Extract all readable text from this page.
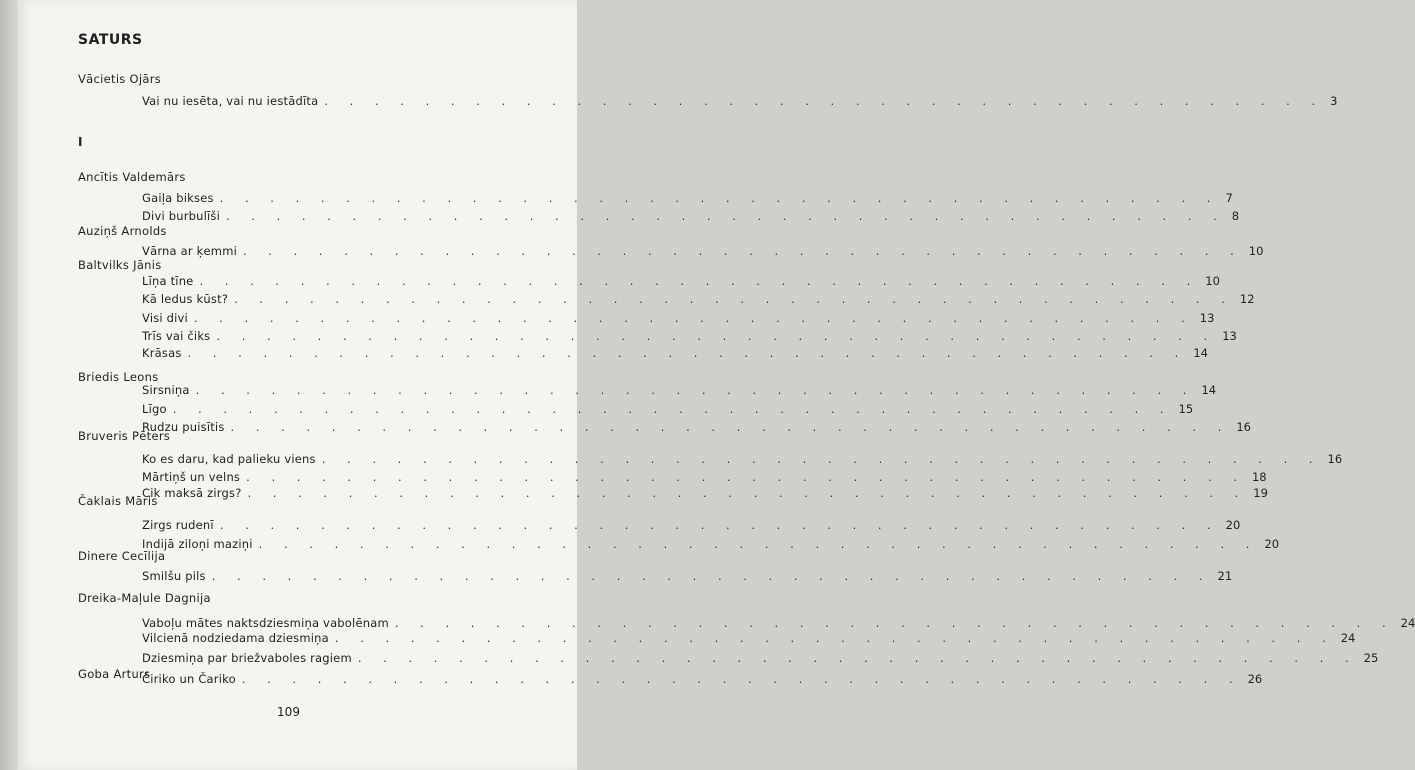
SATURS
Vācietis Ojārs
Vai nu iesēta, vai nu iestādīta . . . . . . . . . . . . . . . . . . . . . . . . . . . . . . . . . . . . . . . . 3
I
Ancītis Valdemārs
Gaiļa bikses . . . . . . . . . . . . . . . . . . . . . . . . . . . . . . . . . . . . . . . . 7
Divi burbulīši . . . . . . . . . . . . . . . . . . . . . . . . . . . . . . . . . . . . . . . . 8
Auziņš Arnolds
Vārna ar ķemmi . . . . . . . . . . . . . . . . . . . . . . . . . . . . . . . . . . . . . . . . 10
Baltvilks Jānis
Līņa tīne . . . . . . . . . . . . . . . . . . . . . . . . . . . . . . . . . . . . . . . . 10
Kā ledus kūst? . . . . . . . . . . . . . . . . . . . . . . . . . . . . . . . . . . . . . . . . 12
Visi divi . . . . . . . . . . . . . . . . . . . . . . . . . . . . . . . . . . . . . . . . 13
Trīs vai čiks . . . . . . . . . . . . . . . . . . . . . . . . . . . . . . . . . . . . . . . . 13
Krāsas . . . . . . . . . . . . . . . . . . . . . . . . . . . . . . . . . . . . . . . . 14
Briedis Leons
Sirsniņa . . . . . . . . . . . . . . . . . . . . . . . . . . . . . . . . . . . . . . . . 14
Līgo . . . . . . . . . . . . . . . . . . . . . . . . . . . . . . . . . . . . . . . . 15
Rudzu puisītis . . . . . . . . . . . . . . . . . . . . . . . . . . . . . . . . . . . . . . . . 16
Bruveris Pēters
Ko es daru, kad palieku viens . . . . . . . . . . . . . . . . . . . . . . . . . . . . . . . . . . . . . . . . 16
Mārtiņš un velns . . . . . . . . . . . . . . . . . . . . . . . . . . . . . . . . . . . . . . . . 18
Cik maksā zirgs? . . . . . . . . . . . . . . . . . . . . . . . . . . . . . . . . . . . . . . . . 19
Čaklais Māris
Zirgs rudenī . . . . . . . . . . . . . . . . . . . . . . . . . . . . . . . . . . . . . . . . 20
Indijā ziloņi maziņi . . . . . . . . . . . . . . . . . . . . . . . . . . . . . . . . . . . . . . . . 20
Dinere Cecīlija
Smilšu pils . . . . . . . . . . . . . . . . . . . . . . . . . . . . . . . . . . . . . . . . 21
Dreika-Maļule Dagnija
Vaboļu mātes naktsdziesmiņa vabolēnam . . . . . . . . . . . . . . . . . . . . . . . . . . . . . . . . . . . . . . . . 24
Vilcienā nodziedama dziesmiņa . . . . . . . . . . . . . . . . . . . . . . . . . . . . . . . . . . . . . . . . 24
Dziesmiņa par briežvaboles ragiem . . . . . . . . . . . . . . . . . . . . . . . . . . . . . . . . . . . . . . . . 25
Goba Arturs
Čiriko un Čariko . . . . . . . . . . . . . . . . . . . . . . . . . . . . . . . . . . . . . . . . 26
109
